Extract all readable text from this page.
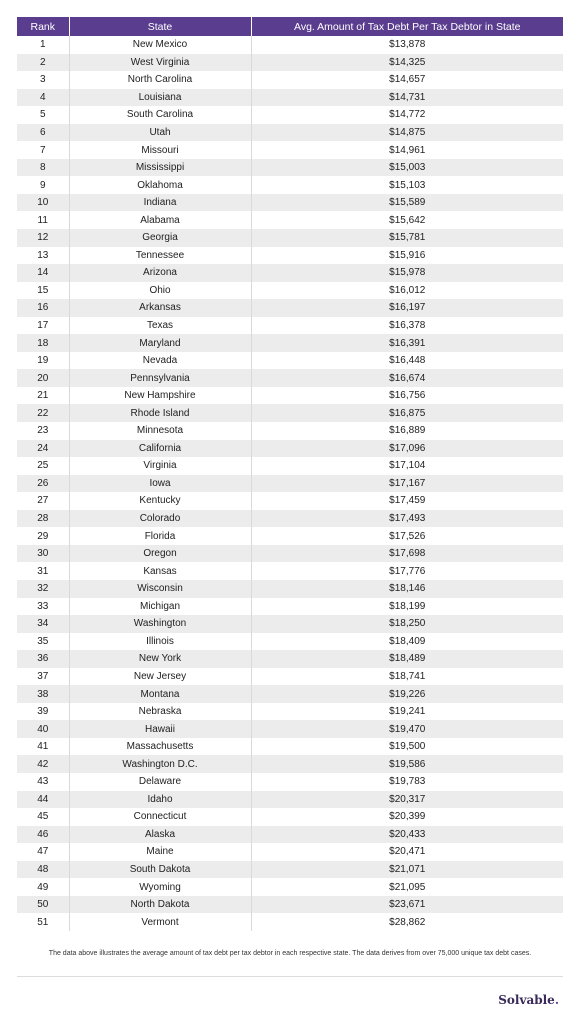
Rank	State	Avg. Amount of Tax Debt Per Tax Debtor in State
1	New Mexico	$13,878
2	West Virginia	$14,325
3	North Carolina	$14,657
4	Louisiana	$14,731
5	South Carolina	$14,772
6	Utah	$14,875
7	Missouri	$14,961
8	Mississippi	$15,003
9	Oklahoma	$15,103
10	Indiana	$15,589
11	Alabama	$15,642
12	Georgia	$15,781
13	Tennessee	$15,916
14	Arizona	$15,978
15	Ohio	$16,012
16	Arkansas	$16,197
17	Texas	$16,378
18	Maryland	$16,391
19	Nevada	$16,448
20	Pennsylvania	$16,674
21	New Hampshire	$16,756
22	Rhode Island	$16,875
23	Minnesota	$16,889
24	California	$17,096
25	Virginia	$17,104
26	Iowa	$17,167
27	Kentucky	$17,459
28	Colorado	$17,493
29	Florida	$17,526
30	Oregon	$17,698
31	Kansas	$17,776
32	Wisconsin	$18,146
33	Michigan	$18,199
34	Washington	$18,250
35	Illinois	$18,409
36	New York	$18,489
37	New Jersey	$18,741
38	Montana	$19,226
39	Nebraska	$19,241
40	Hawaii	$19,470
41	Massachusetts	$19,500
42	Washington D.C.	$19,586
43	Delaware	$19,783
44	Idaho	$20,317
45	Connecticut	$20,399
46	Alaska	$20,433
47	Maine	$20,471
48	South Dakota	$21,071
49	Wyoming	$21,095
50	North Dakota	$23,671
51	Vermont	$28,862
The data above illustrates the average amount of tax debt per tax debtor in each respective state. The data derives from over 75,000 unique tax debt cases.
Solvable.
